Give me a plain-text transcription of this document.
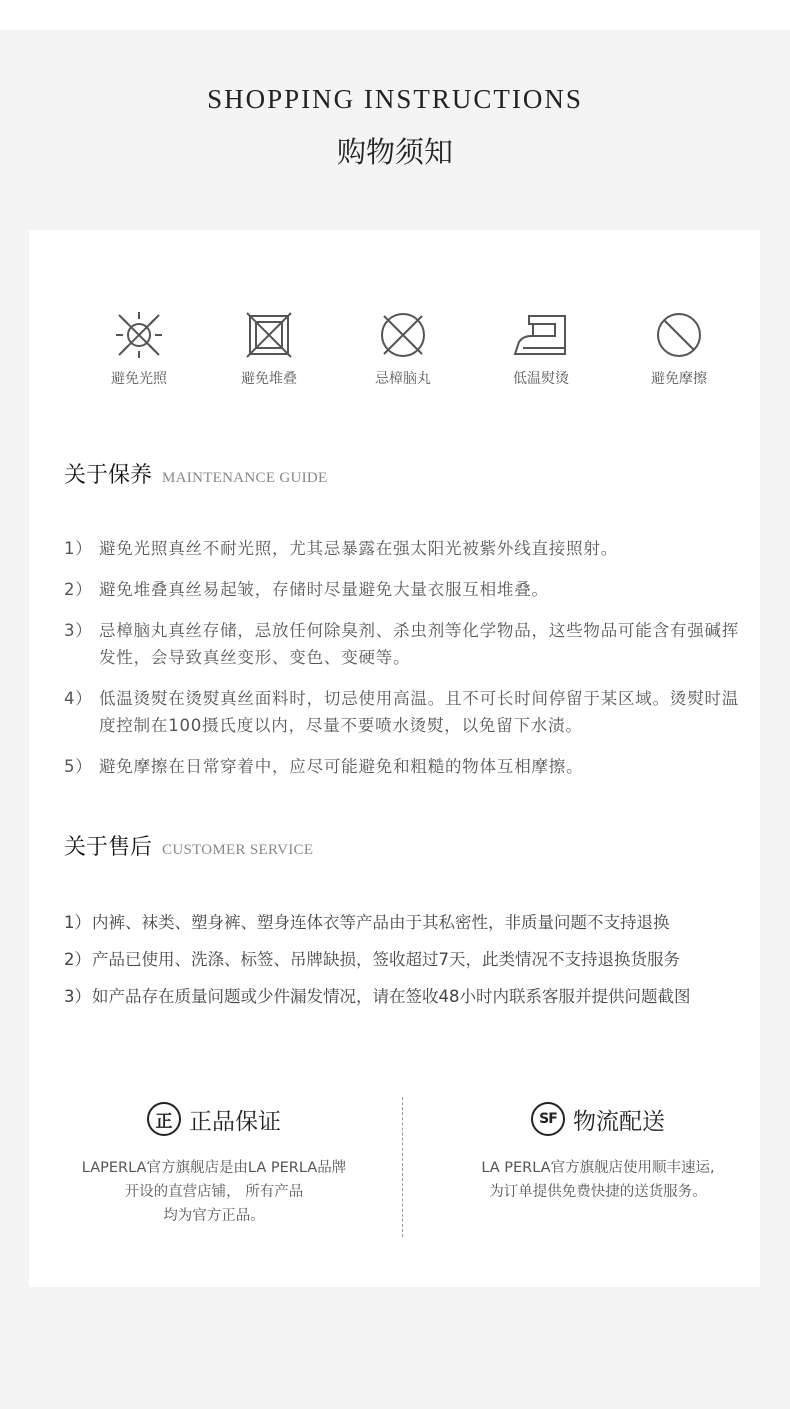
SHOPPING INSTRUCTIONS
购物须知
避免光照	避免堆叠	忌樟脑丸	低温熨烫	避免摩擦
关于保养 MAINTENANCE GUIDE
1） 避免光照真丝不耐光照，尤其忌暴露在强太阳光被紫外线直接照射。
2） 避免堆叠真丝易起皱，存储时尽量避免大量衣服互相堆叠。
3） 忌樟脑丸真丝存储，忌放任何除臭剂、杀虫剂等化学物品，这些物品可能含有强碱挥发性，会导致真丝变形、变色、变硬等。
4） 低温烫熨在烫熨真丝面料时，切忌使用高温。且不可长时间停留于某区域。烫熨时温度控制在100摄氏度以内，尽量不要喷水烫熨，以免留下水渍。
5） 避免摩擦在日常穿着中，应尽可能避免和粗糙的物体互相摩擦。
关于售后 CUSTOMER SERVICE
1） 内裤、袜类、塑身裤、塑身连体衣等产品由于其私密性，非质量问题不支持退换
2） 产品已使用、洗涤、标签、吊牌缺损，签收超过7天，此类情况不支持退换货服务
3） 如产品存在质量问题或少件漏发情况，请在签收48小时内联系客服并提供问题截图
正 正品保证
LAPERLA官方旗舰店是由LA PERLA品牌
开设的直营店铺， 所有产品
均为官方正品。
SF 物流配送
LA PERLA官方旗舰店使用顺丰速运,
为订单提供免费快捷的送货服务。
